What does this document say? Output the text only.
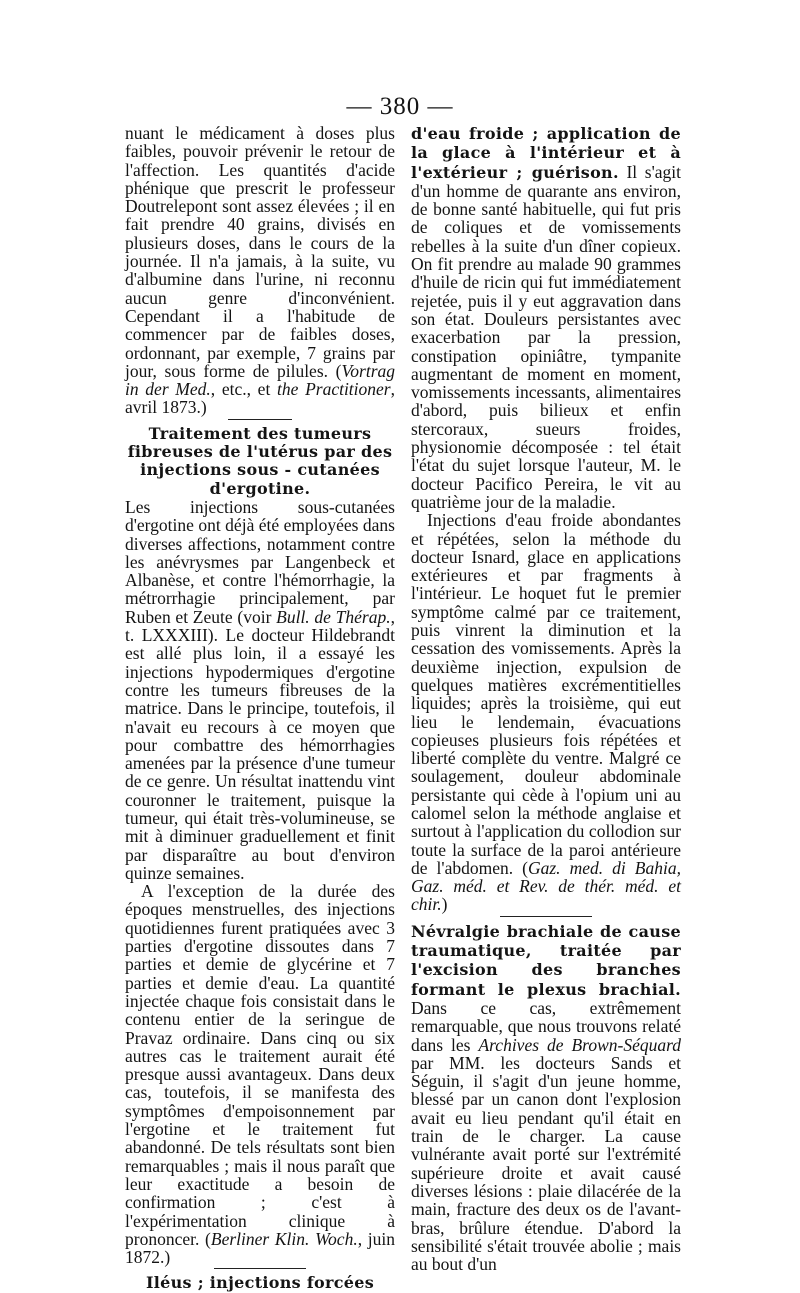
— 380 —

nuant le médicament à doses plus faibles, pouvoir prévenir le retour de l'affection. Les quantités d'acide phénique que prescrit le professeur Doutrelepont sont assez élevées ; il en fait prendre 40 grains, divisés en plusieurs doses, dans le cours de la journée. Il n'a jamais, à la suite, vu d'albumine dans l'urine, ni reconnu aucun genre d'inconvénient. Cependant il a l'habitude de commencer par de faibles doses, ordonnant, par exemple, 7 grains par jour, sous forme de pilules. (Vortrag in der Med., etc., et the Practitioner, avril 1873.)

Traitement des tumeurs fibreuses de l'utérus par des injections sous - cutanées d'ergotine.
Les injections sous-cutanées d'ergotine ont déjà été employées dans diverses affections, notamment contre les anévrysmes par Langenbeck et Albanèse, et contre l'hémorrhagie, la métrorrhagie principalement, par Ruben et Zeute (voir Bull. de Thérap., t. LXXXIII). Le docteur Hildebrandt est allé plus loin, il a essayé les injections hypodermiques d'ergotine contre les tumeurs fibreuses de la matrice. Dans le principe, toutefois, il n'avait eu recours à ce moyen que pour combattre des hémorrhagies amenées par la présence d'une tumeur de ce genre. Un résultat inattendu vint couronner le traitement, puisque la tumeur, qui était très-volumineuse, se mit à diminuer graduellement et finit par disparaître au bout d'environ quinze semaines.

A l'exception de la durée des époques menstruelles, des injections quotidiennes furent pratiquées avec 3 parties d'ergotine dissoutes dans 7 parties et demie de glycérine et 7 parties et demie d'eau. La quantité injectée chaque fois consistait dans le contenu entier de la seringue de Pravaz ordinaire. Dans cinq ou six autres cas le traitement aurait été presque aussi avantageux. Dans deux cas, toutefois, il se manifesta des symptômes d'empoisonnement par l'ergotine et le traitement fut abandonné. De tels résultats sont bien remarquables ; mais il nous paraît que leur exactitude a besoin de confirmation ; c'est à l'expérimentation clinique à prononcer. (Berliner Klin. Woch., juin 1872.)

Iléus ; injections forcées

d'eau froide ; application de la glace à l'intérieur et à l'extérieur ; guérison. Il s'agit d'un homme de quarante ans environ, de bonne santé habituelle, qui fut pris de coliques et de vomissements rebelles à la suite d'un dîner copieux. On fit prendre au malade 90 grammes d'huile de ricin qui fut immédiatement rejetée, puis il y eut aggravation dans son état. Douleurs persistantes avec exacerbation par la pression, constipation opiniâtre, tympanite augmentant de moment en moment, vomissements incessants, alimentaires d'abord, puis bilieux et enfin stercoraux, sueurs froides, physionomie décomposée : tel était l'état du sujet lorsque l'auteur, M. le docteur Pacifico Pereira, le vit au quatrième jour de la maladie.

Injections d'eau froide abondantes et répétées, selon la méthode du docteur Isnard, glace en applications extérieures et par fragments à l'intérieur. Le hoquet fut le premier symptôme calmé par ce traitement, puis vinrent la diminution et la cessation des vomissements. Après la deuxième injection, expulsion de quelques matières excrémentitielles liquides; après la troisième, qui eut lieu le lendemain, évacuations copieuses plusieurs fois répétées et liberté complète du ventre. Malgré ce soulagement, douleur abdominale persistante qui cède à l'opium uni au calomel selon la méthode anglaise et surtout à l'application du collodion sur toute la surface de la paroi antérieure de l'abdomen. (Gaz. med. di Bahia, Gaz. méd. et Rev. de thér. méd. et chir.)

Névralgie brachiale de cause traumatique, traitée par l'excision des branches formant le plexus brachial. Dans ce cas, extrêmement remarquable, que nous trouvons relaté dans les Archives de Brown-Séquard par MM. les docteurs Sands et Séguin, il s'agit d'un jeune homme, blessé par un canon dont l'explosion avait eu lieu pendant qu'il était en train de le charger. La cause vulnérante avait porté sur l'extrémité supérieure droite et avait causé diverses lésions : plaie dilacérée de la main, fracture des deux os de l'avant-bras, brûlure étendue. D'abord la sensibilité s'était trouvée abolie ; mais au bout d'un
